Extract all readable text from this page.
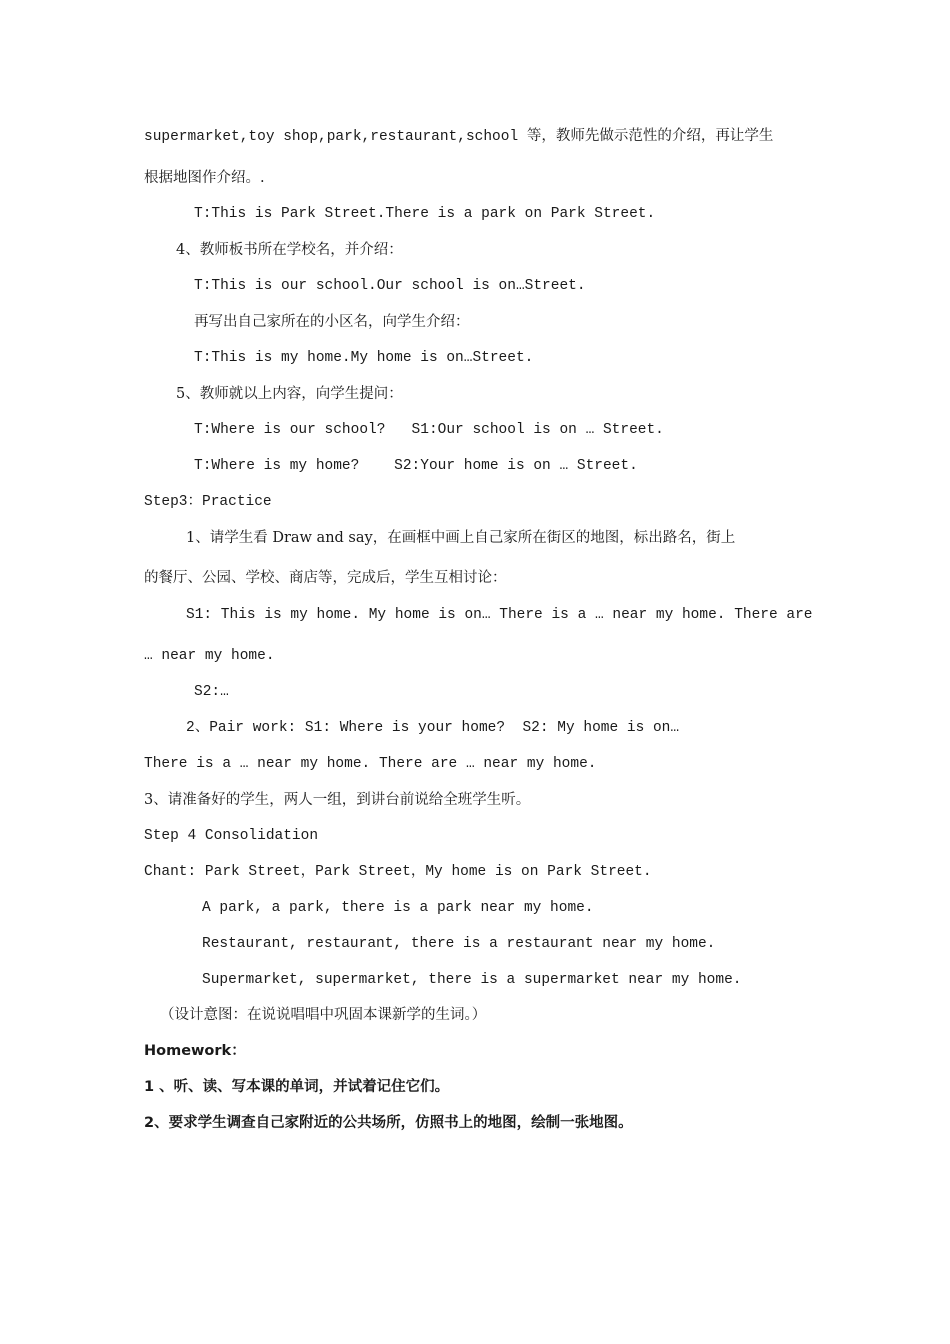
supermarket,toy shop,park,restaurant,school 等，教师先做示范性的介绍，再让学生

根据地图作介绍。.

T:This is Park Street.There is a park on Park Street.

4、教师板书所在学校名，并介绍：

T:This is our school.Our school is on…Street.

再写出自己家所在的小区名，向学生介绍：

T:This is my home.My home is on…Street.

5、教师就以上内容，向学生提问：

T:Where is our school?   S1:Our school is on … Street.

T:Where is my home?    S2:Your home is on … Street.

Step3：Practice

1、请学生看 Draw and say，在画框中画上自己家所在街区的地图，标出路名，街上

的餐厅、公园、学校、商店等，完成后，学生互相讨论：

S1: This is my home. My home is on… There is a … near my home. There are

… near my home.

S2:…

2、Pair work: S1: Where is your home?  S2: My home is on…

There is a … near my home. There are … near my home.

3、请准备好的学生，两人一组，到讲台前说给全班学生听。

Step 4 Consolidation

Chant: Park Street，Park Street，My home is on Park Street.

A park, a park, there is a park near my home.

Restaurant, restaurant, there is a restaurant near my home.

Supermarket, supermarket, there is a supermarket near my home.

（设计意图：在说说唱唱中巩固本课新学的生词。）

Homework：

1 、听、读、写本课的单词，并试着记住它们。

2、要求学生调查自己家附近的公共场所，仿照书上的地图，绘制一张地图。
